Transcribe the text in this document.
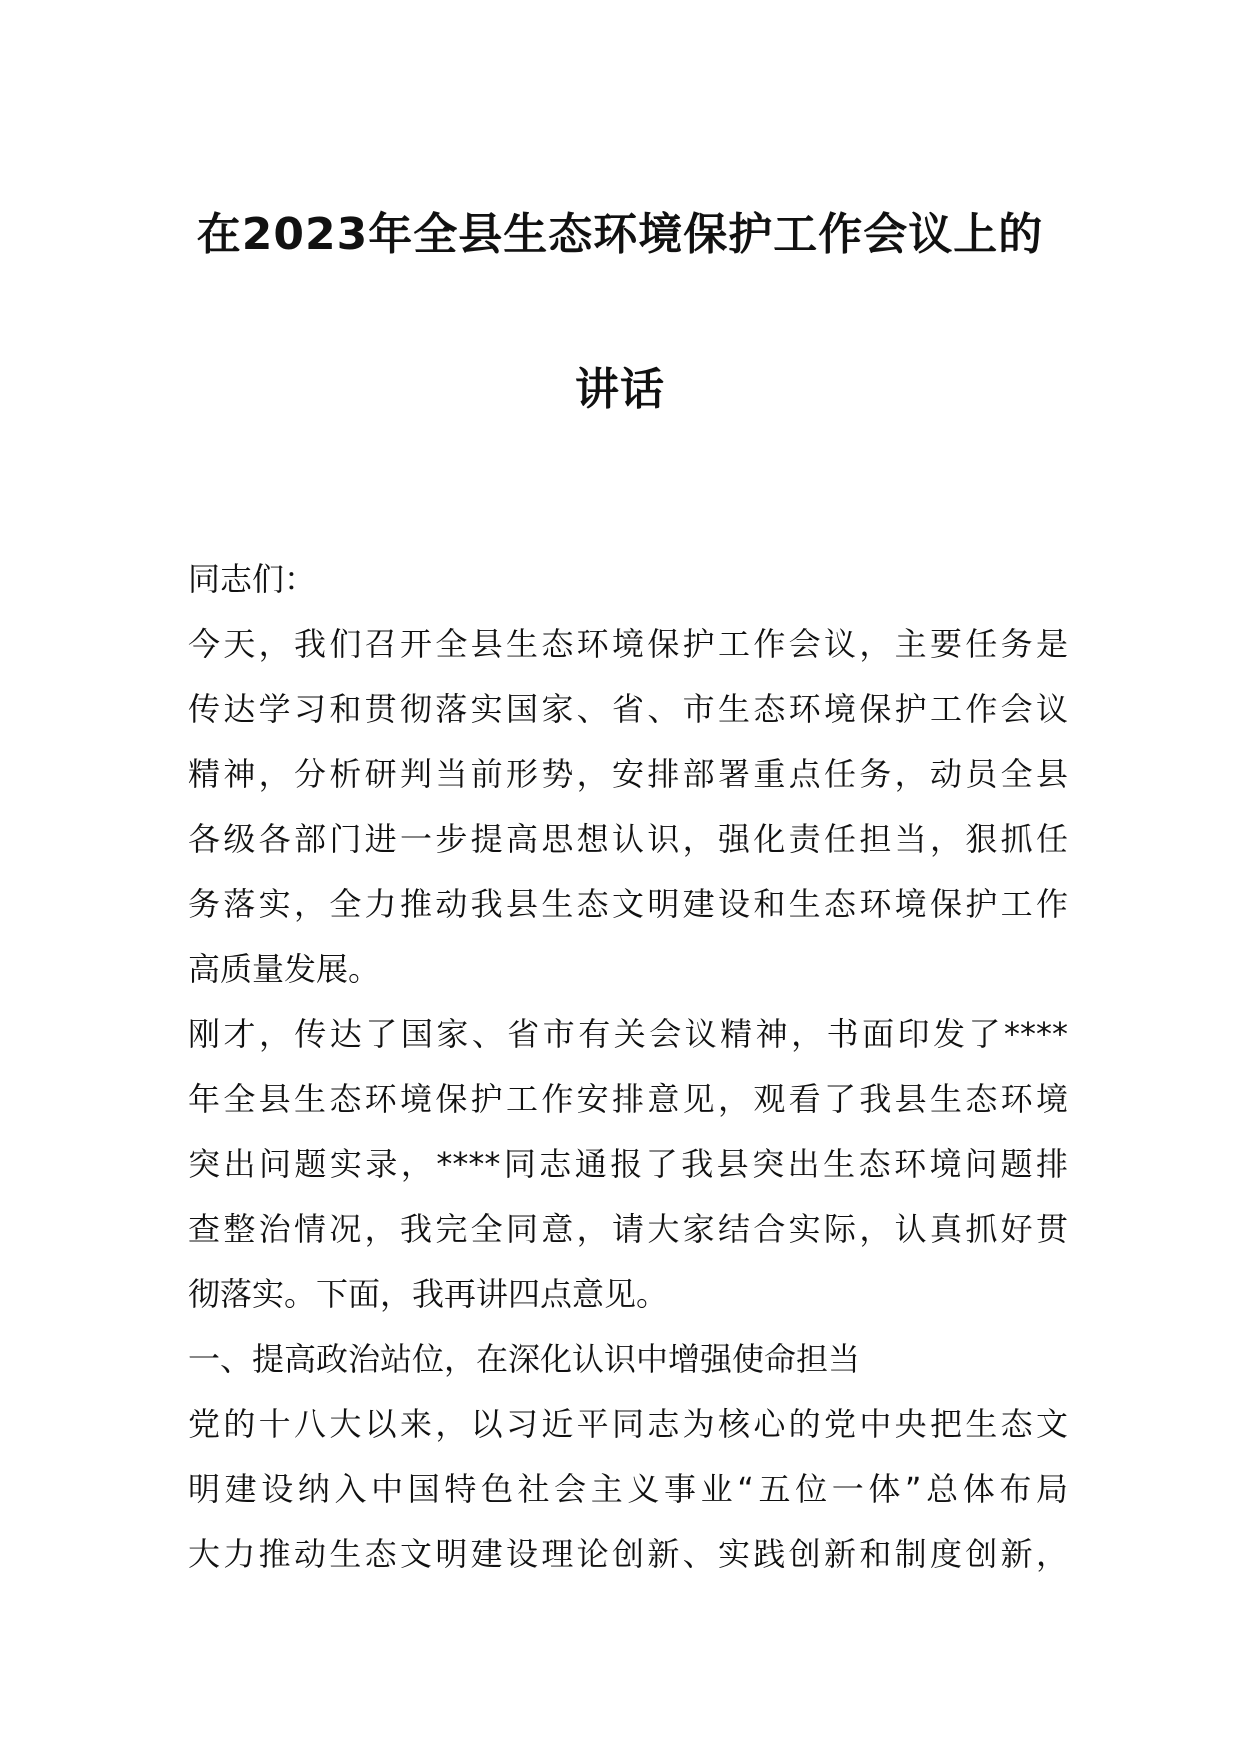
在2023年全县生态环境保护工作会议上的
讲话
同志们：
今天，我们召开全县生态环境保护工作会议，主要任务是
传达学习和贯彻落实国家、省、市生态环境保护工作会议
精神，分析研判当前形势，安排部署重点任务，动员全县
各级各部门进一步提高思想认识，强化责任担当，狠抓任
务落实，全力推动我县生态文明建设和生态环境保护工作
高质量发展。
刚才，传达了国家、省市有关会议精神，书面印发了****
年全县生态环境保护工作安排意见，观看了我县生态环境
突出问题实录，****同志通报了我县突出生态环境问题排
查整治情况，我完全同意，请大家结合实际，认真抓好贯
彻落实。下面，我再讲四点意见。
一、提高政治站位，在深化认识中增强使命担当
党的十八大以来，以习近平同志为核心的党中央把生态文
明建设纳入中国特色社会主义事业“五位一体”总体布局
大力推动生态文明建设理论创新、实践创新和制度创新，
